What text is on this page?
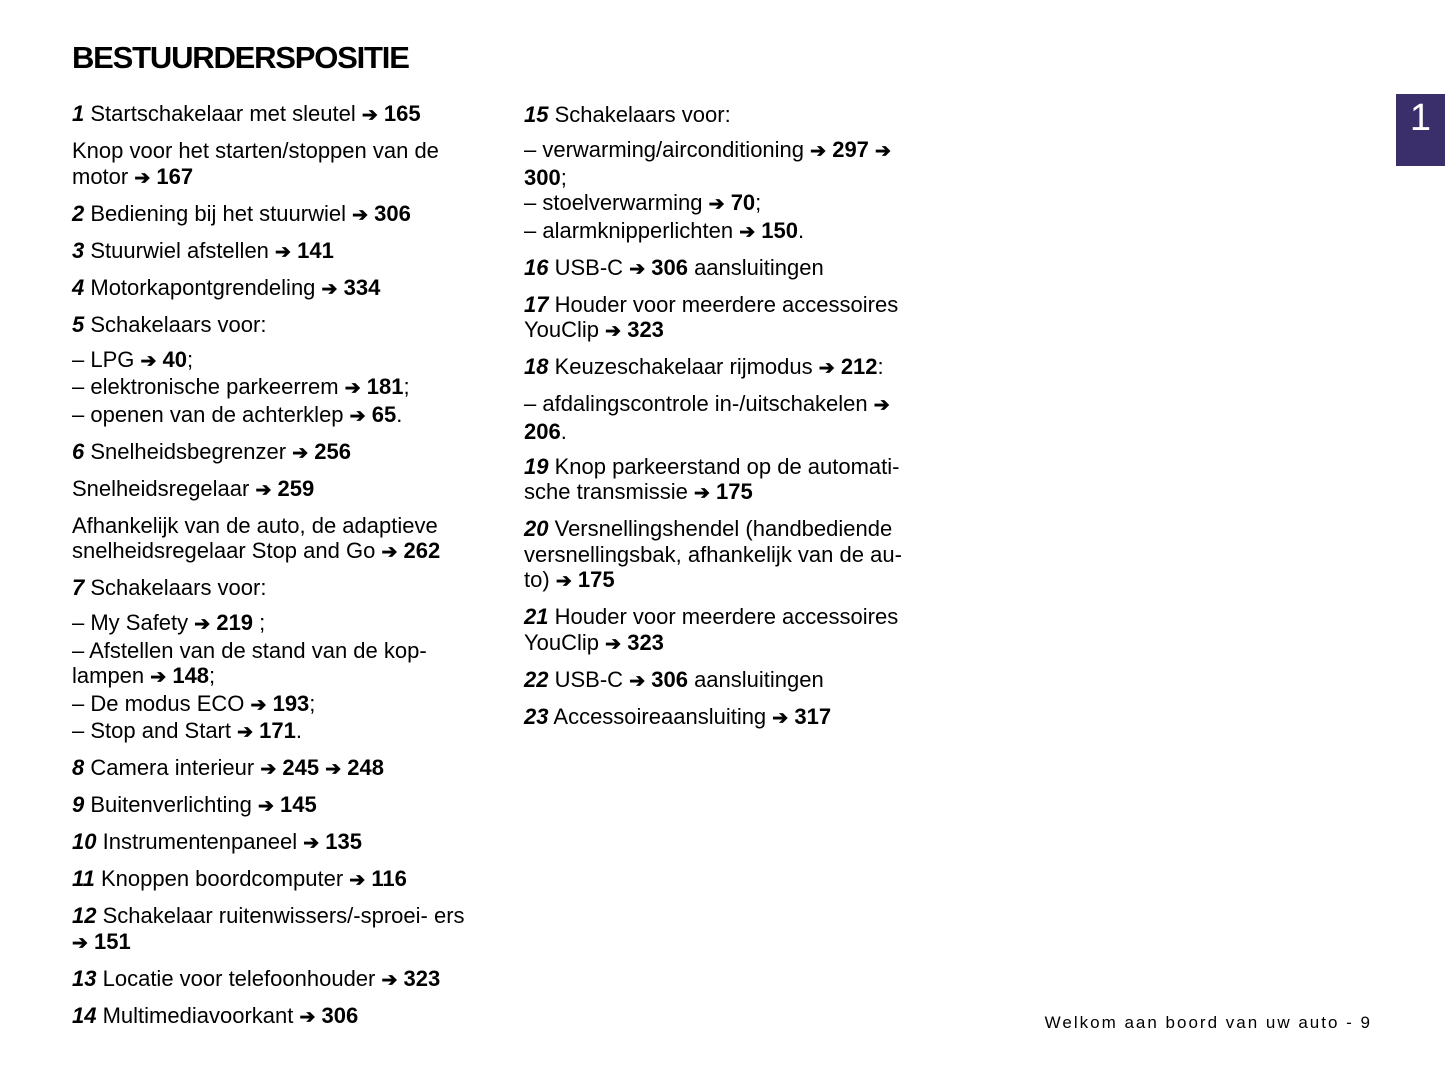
BESTUURDERSPOSITIE
1

1 Startschakelaar met sleutel ➔ 165

Knop voor het starten/stoppen van de motor ➔ 167

2 Bediening bij het stuurwiel ➔ 306

3 Stuurwiel afstellen ➔ 141

4 Motorkapontgrendeling ➔ 334

5 Schakelaars voor:

– LPG ➔ 40;
– elektronische parkeerrem ➔ 181;
– openen van de achterklep ➔ 65.

6 Snelheidsbegrenzer ➔ 256

Snelheidsregelaar ➔ 259

Afhankelijk van de auto, de adaptieve snelheidsregelaar Stop and Go ➔ 262

7 Schakelaars voor:

– My Safety ➔ 219 ;
– Afstellen van de stand van de kop- lampen ➔ 148;
– De modus ECO ➔ 193;
– Stop and Start ➔ 171.

8 Camera interieur ➔ 245 ➔ 248

9 Buitenverlichting ➔ 145

10 Instrumentenpaneel ➔ 135

11 Knoppen boordcomputer ➔ 116

12 Schakelaar ruitenwissers/-sproei- ers ➔ 151

13 Locatie voor telefoonhouder ➔ 323

14 Multimediavoorkant ➔ 306

15 Schakelaars voor:

– verwarming/airconditioning ➔ 297 ➔ 300;
– stoelverwarming ➔ 70;
– alarmknipperlichten ➔ 150.

16 USB-C ➔ 306 aansluitingen

17 Houder voor meerdere accessoires YouClip ➔ 323

18 Keuzeschakelaar rijmodus ➔ 212:

– afdalingscontrole in-/uitschakelen ➔ 206.

19 Knop parkeerstand op de automati- sche transmissie ➔ 175

20 Versnellingshendel (handbediende versnellingsbak, afhankelijk van de au- to) ➔ 175

21 Houder voor meerdere accessoires YouClip ➔ 323

22 USB-C ➔ 306 aansluitingen

23 Accessoireaansluiting ➔ 317

Welkom aan boord van uw auto - 9
